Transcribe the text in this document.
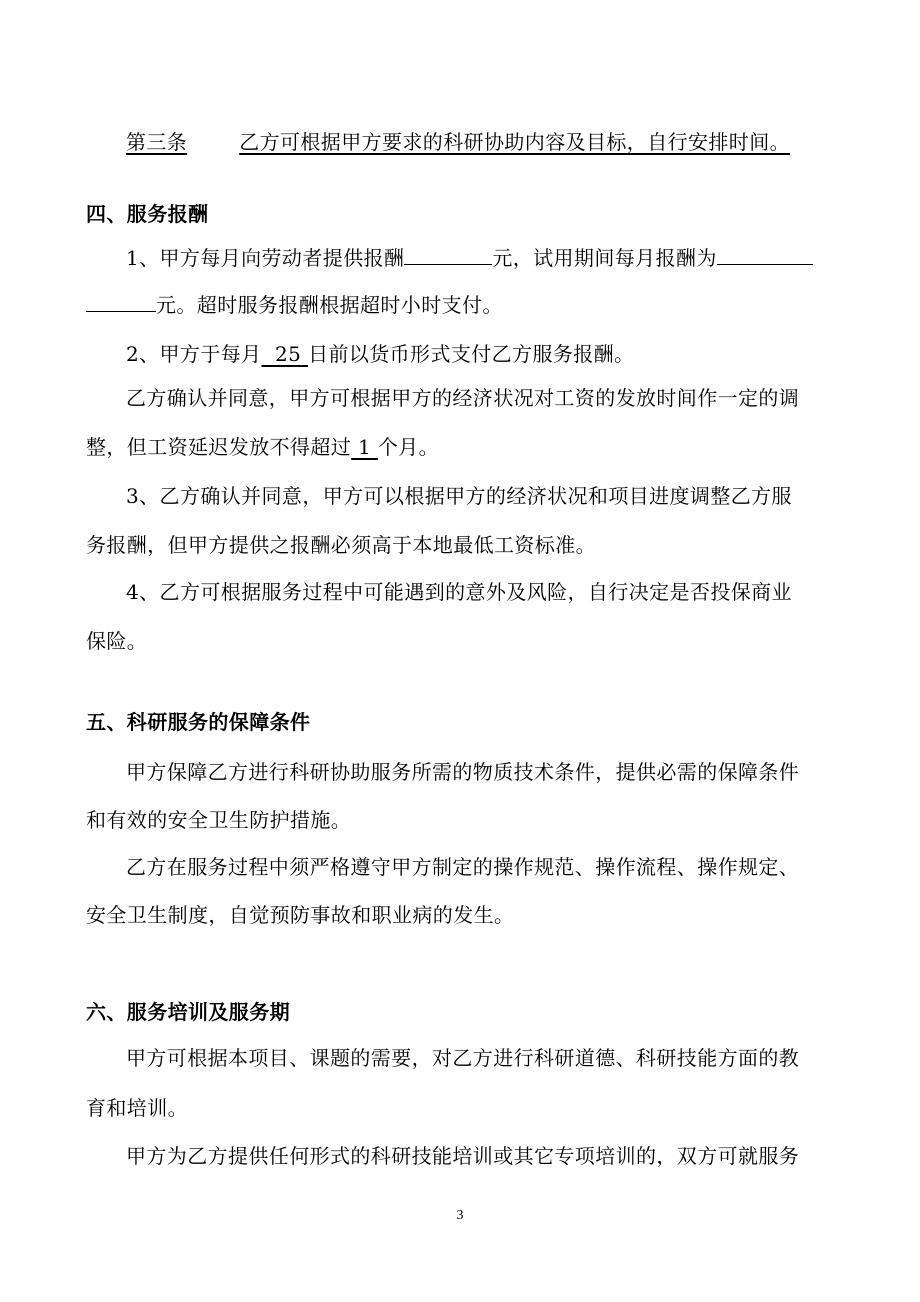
第三条	乙方可根据甲方要求的科研协助内容及目标，自行安排时间。
四、服务报酬
1、甲方每月向劳动者提供报酬	元，试用期间每月报酬为
元。超时服务报酬根据超时小时支付。
2、甲方于每月 25 日前以货币形式支付乙方服务报酬。
乙方确认并同意，甲方可根据甲方的经济状况对工资的发放时间作一定的调
整，但工资延迟发放不得超过 1 个月。
3、乙方确认并同意，甲方可以根据甲方的经济状况和项目进度调整乙方服
务报酬，但甲方提供之报酬必须高于本地最低工资标准。
4、乙方可根据服务过程中可能遇到的意外及风险，自行决定是否投保商业
保险。
五、科研服务的保障条件
甲方保障乙方进行科研协助服务所需的物质技术条件，提供必需的保障条件
和有效的安全卫生防护措施。
乙方在服务过程中须严格遵守甲方制定的操作规范、操作流程、操作规定、
安全卫生制度，自觉预防事故和职业病的发生。
六、服务培训及服务期
甲方可根据本项目、课题的需要，对乙方进行科研道德、科研技能方面的教
育和培训。
甲方为乙方提供任何形式的科研技能培训或其它专项培训的，双方可就服务
3
